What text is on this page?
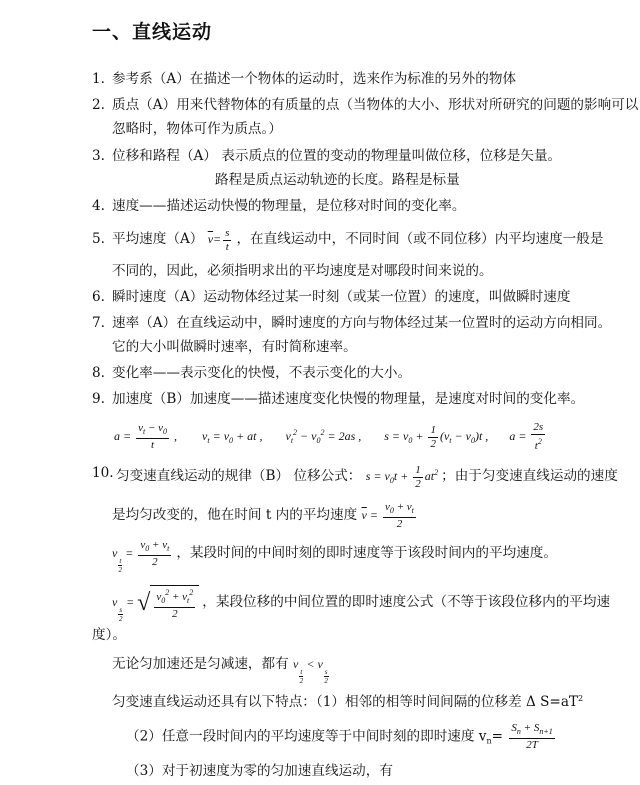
一、直线运动
1. 参考系（A）在描述一个物体的运动时，选来作为标准的另外的物体
2. 质点（A）用来代替物体的有质量的点（当物体的大小、形状对所研究的问题的影响可以
忽略时，物体可作为质点。）
3. 位移和路程（A） 表示质点的位置的变动的物理量叫做位移，位移是矢量。
路程是质点运动轨迹的长度。路程是标量
4. 速度——描述运动快慢的物理量，是位移对时间的变化率。
5. 平均速度（A） $\overline{v}= \frac{s}{t}$ ，在直线运动中，不同时间（或不同位移）内平均速度一般是
不同的，因此，必须指明求出的平均速度是对哪段时间来说的。
6. 瞬时速度（A）运动物体经过某一时刻（或某一位置）的速度，叫做瞬时速度
7. 速率（A）在直线运动中，瞬时速度的方向与物体经过某一位置时的运动方向相同。
它的大小叫做瞬时速率，有时简称速率。
8. 变化率——表示变化的快慢，不表示变化的大小。
9. 加速度（B）加速度——描述速度变化快慢的物理量，是速度对时间的变化率。
$a = \frac{v_t - v_0}{t}$ , $v_t = v_0$ + at , $v_t^2 - v_0^2 = 2as$ , $s = v_0 + \frac{1}{2} (v_t - v_0)t$ , $a = \frac{2s}{t^2}$
10. 匀变速直线运动的规律（B） 位移公式： $s = v_0t + \frac{1}{2} at^2$ ；由于匀变速直线运动的速度
是均匀改变的，他在时间 t 内的平均速度 $\overline{v} = \frac{v_0 + v_t}{2}$
v
$\frac{t}{2}$
= $\frac{v_0 + v_t}{2}$ ，某段时间的中间时刻的即时速度等于该段时间内的平均速度。
v
$\frac{s}{2}$
= √ $\frac{v_0^2 + v_t^2}{2}$ ，某段位移的中间位置的即时速度公式（不等于该段位移内的平均速
度）。
无论匀加速还是匀减速，都有 v
$\frac{t}{2}$
< v
$\frac{s}{2}$
匀变速直线运动还具有以下特点：（1）相邻的相等时间间隔的位移差 Δ $S=aT^2$
（2）任意一段时间内的平均速度等于中间时刻的即时速度 $v_n= \frac{S_n + S_{n+1}}{2T}$
（3）对于初速度为零的匀加速直线运动，有
